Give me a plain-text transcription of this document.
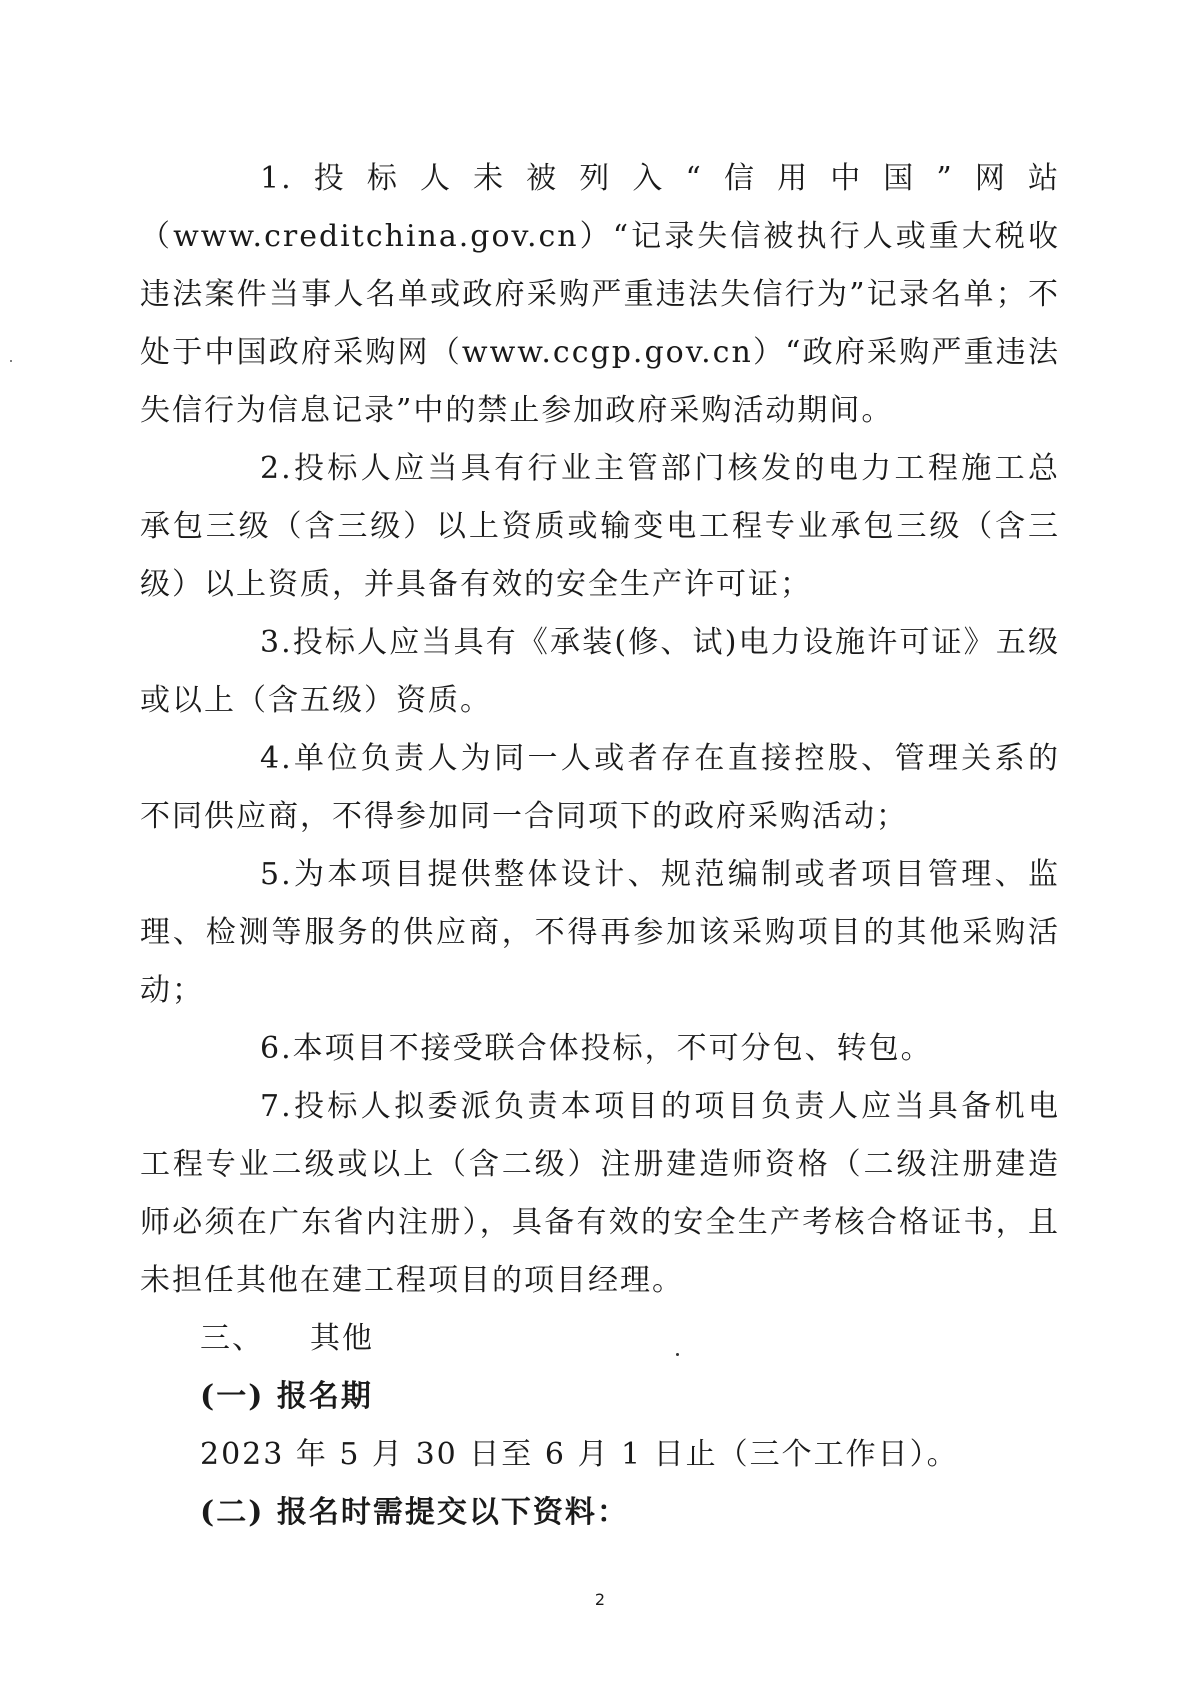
1.投标人未被列入“信用中国”网站（www.creditchina.gov.cn）“记录失信被执行人或重大税收违法案件当事人名单或政府采购严重违法失信行为”记录名单；不处于中国政府采购网（www.ccgp.gov.cn）“政府采购严重违法失信行为信息记录”中的禁止参加政府采购活动期间。

2.投标人应当具有行业主管部门核发的电力工程施工总承包三级（含三级）以上资质或输变电工程专业承包三级（含三级）以上资质，并具备有效的安全生产许可证；

3.投标人应当具有《承装(修、试)电力设施许可证》五级或以上（含五级）资质。

4.单位负责人为同一人或者存在直接控股、管理关系的不同供应商，不得参加同一合同项下的政府采购活动；

5.为本项目提供整体设计、规范编制或者项目管理、监理、检测等服务的供应商，不得再参加该采购项目的其他采购活动；

6.本项目不接受联合体投标，不可分包、转包。

7.投标人拟委派负责本项目的项目负责人应当具备机电工程专业二级或以上（含二级）注册建造师资格（二级注册建造师必须在广东省内注册），具备有效的安全生产考核合格证书，且未担任其他在建工程项目的项目经理。

三、 其他

(一) 报名期

2023 年 5 月 30 日至 6 月 1 日止（三个工作日）。

(二) 报名时需提交以下资料：

2
